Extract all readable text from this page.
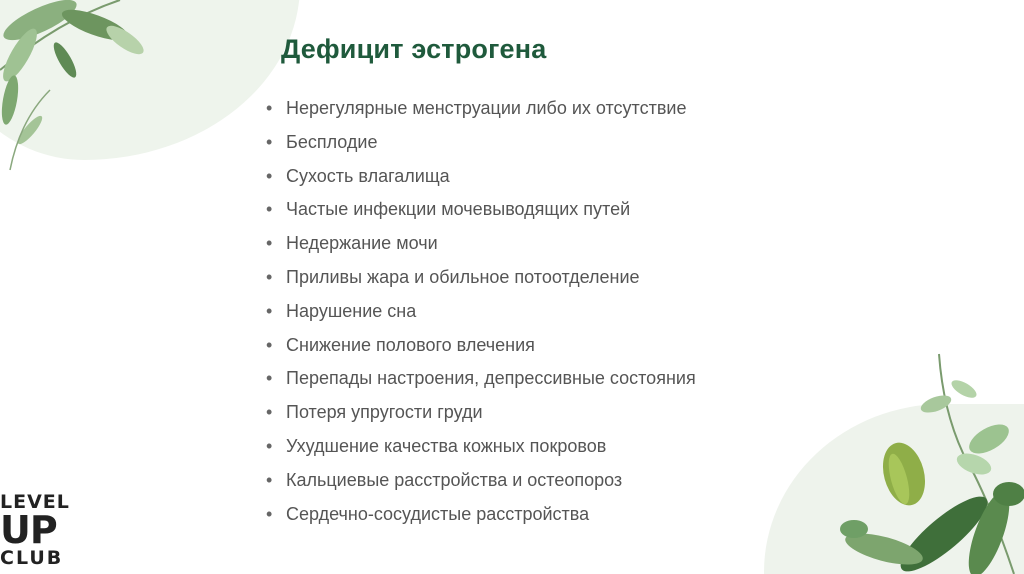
Дефицит эстрогена
• Нерегулярные менструации либо их отсутствие
• Бесплодие
• Сухость влагалища
• Частые инфекции мочевыводящих путей
• Недержание мочи
• Приливы жара и обильное потоотделение
• Нарушение сна
• Снижение полового влечения
• Перепады настроения, депрессивные состояния
• Потеря упругости груди
• Ухудшение качества кожных покровов
• Кальциевые расстройства и остеопороз
• Сердечно-сосудистые расстройства
LEVEL
UP
CLUB
